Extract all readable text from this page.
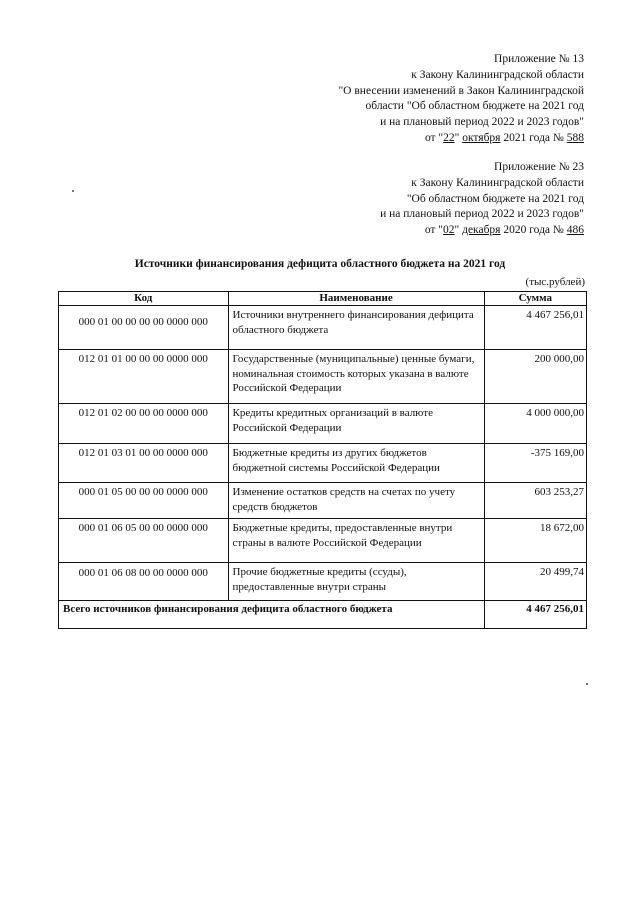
Приложение № 13
к Закону Калининградской области
"О внесении изменений в Закон Калининградской
области "Об областном бюджете на 2021 год
и на плановый период 2022 и 2023 годов"
от "22" октября 2021 года № 588
Приложение № 23
к Закону Калининградской области
"Об областном бюджете на 2021 год
и на плановый период 2022 и 2023 годов"
от "02" декабря 2020 года № 486
Источники финансирования дефицита областного бюджета на 2021 год
(тыс.рублей)
Код	Наименование	Сумма
000 01 00 00 00 00 0000 000	Источники внутреннего финансирования дефицита областного бюджета	4 467 256,01
012 01 01 00 00 00 0000 000	Государственные (муниципальные) ценные бумаги, номинальная стоимость которых указана в валюте Российской Федерации	200 000,00
012 01 02 00 00 00 0000 000	Кредиты кредитных организаций в валюте Российской Федерации	4 000 000,00
012 01 03 01 00 00 0000 000	Бюджетные кредиты из других бюджетов бюджетной системы Российской Федерации	-375 169,00
000 01 05 00 00 00 0000 000	Изменение остатков средств на счетах по учету средств бюджетов	603 253,27
000 01 06 05 00 00 0000 000	Бюджетные кредиты, предоставленные внутри страны в валюте Российской Федерации	18 672,00
000 01 06 08 00 00 0000 000	Прочие бюджетные кредиты (ссуды), предоставленные внутри страны	20 499,74
Всего источников финансирования дефицита областного бюджета		4 467 256,01
